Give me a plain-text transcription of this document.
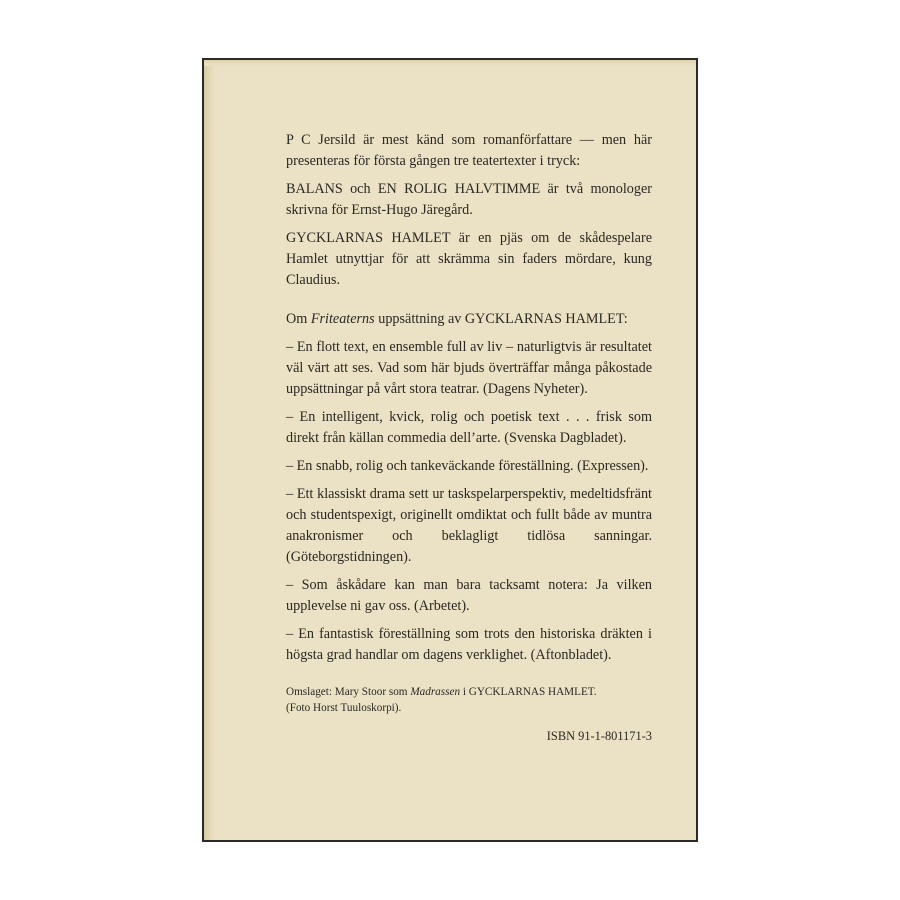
P C Jersild är mest känd som romanförfattare — men här presenteras för första gången tre teatertexter i tryck:

BALANS och EN ROLIG HALVTIMME är två monologer skrivna för Ernst-Hugo Järegård.

GYCKLARNAS HAMLET är en pjäs om de skådespelare Hamlet utnyttjar för att skrämma sin faders mördare, kung Claudius.

Om Friteaterns uppsättning av GYCKLARNAS HAMLET:

– En flott text, en ensemble full av liv – naturligtvis är resultatet väl värt att ses. Vad som här bjuds överträffar många påkostade uppsättningar på vårt stora teatrar. (Dagens Nyheter).

– En intelligent, kvick, rolig och poetisk text . . . frisk som direkt från källan commedia dell’arte. (Svenska Dagbladet).

– En snabb, rolig och tankeväckande föreställning. (Expressen).

– Ett klassiskt drama sett ur taskspelarperspektiv, medeltidsfränt och studentspexigt, originellt omdiktat och fullt både av muntra anakronismer och beklagligt tidlösa sanningar. (Göteborgstidningen).

– Som åskådare kan man bara tacksamt notera: Ja vilken upplevelse ni gav oss. (Arbetet).

– En fantastisk föreställning som trots den historiska dräkten i högsta grad handlar om dagens verklighet. (Aftonbladet).

Omslaget: Mary Stoor som Madrassen i GYCKLARNAS HAMLET.

(Foto Horst Tuuloskorpi).

ISBN 91-1-801171-3
